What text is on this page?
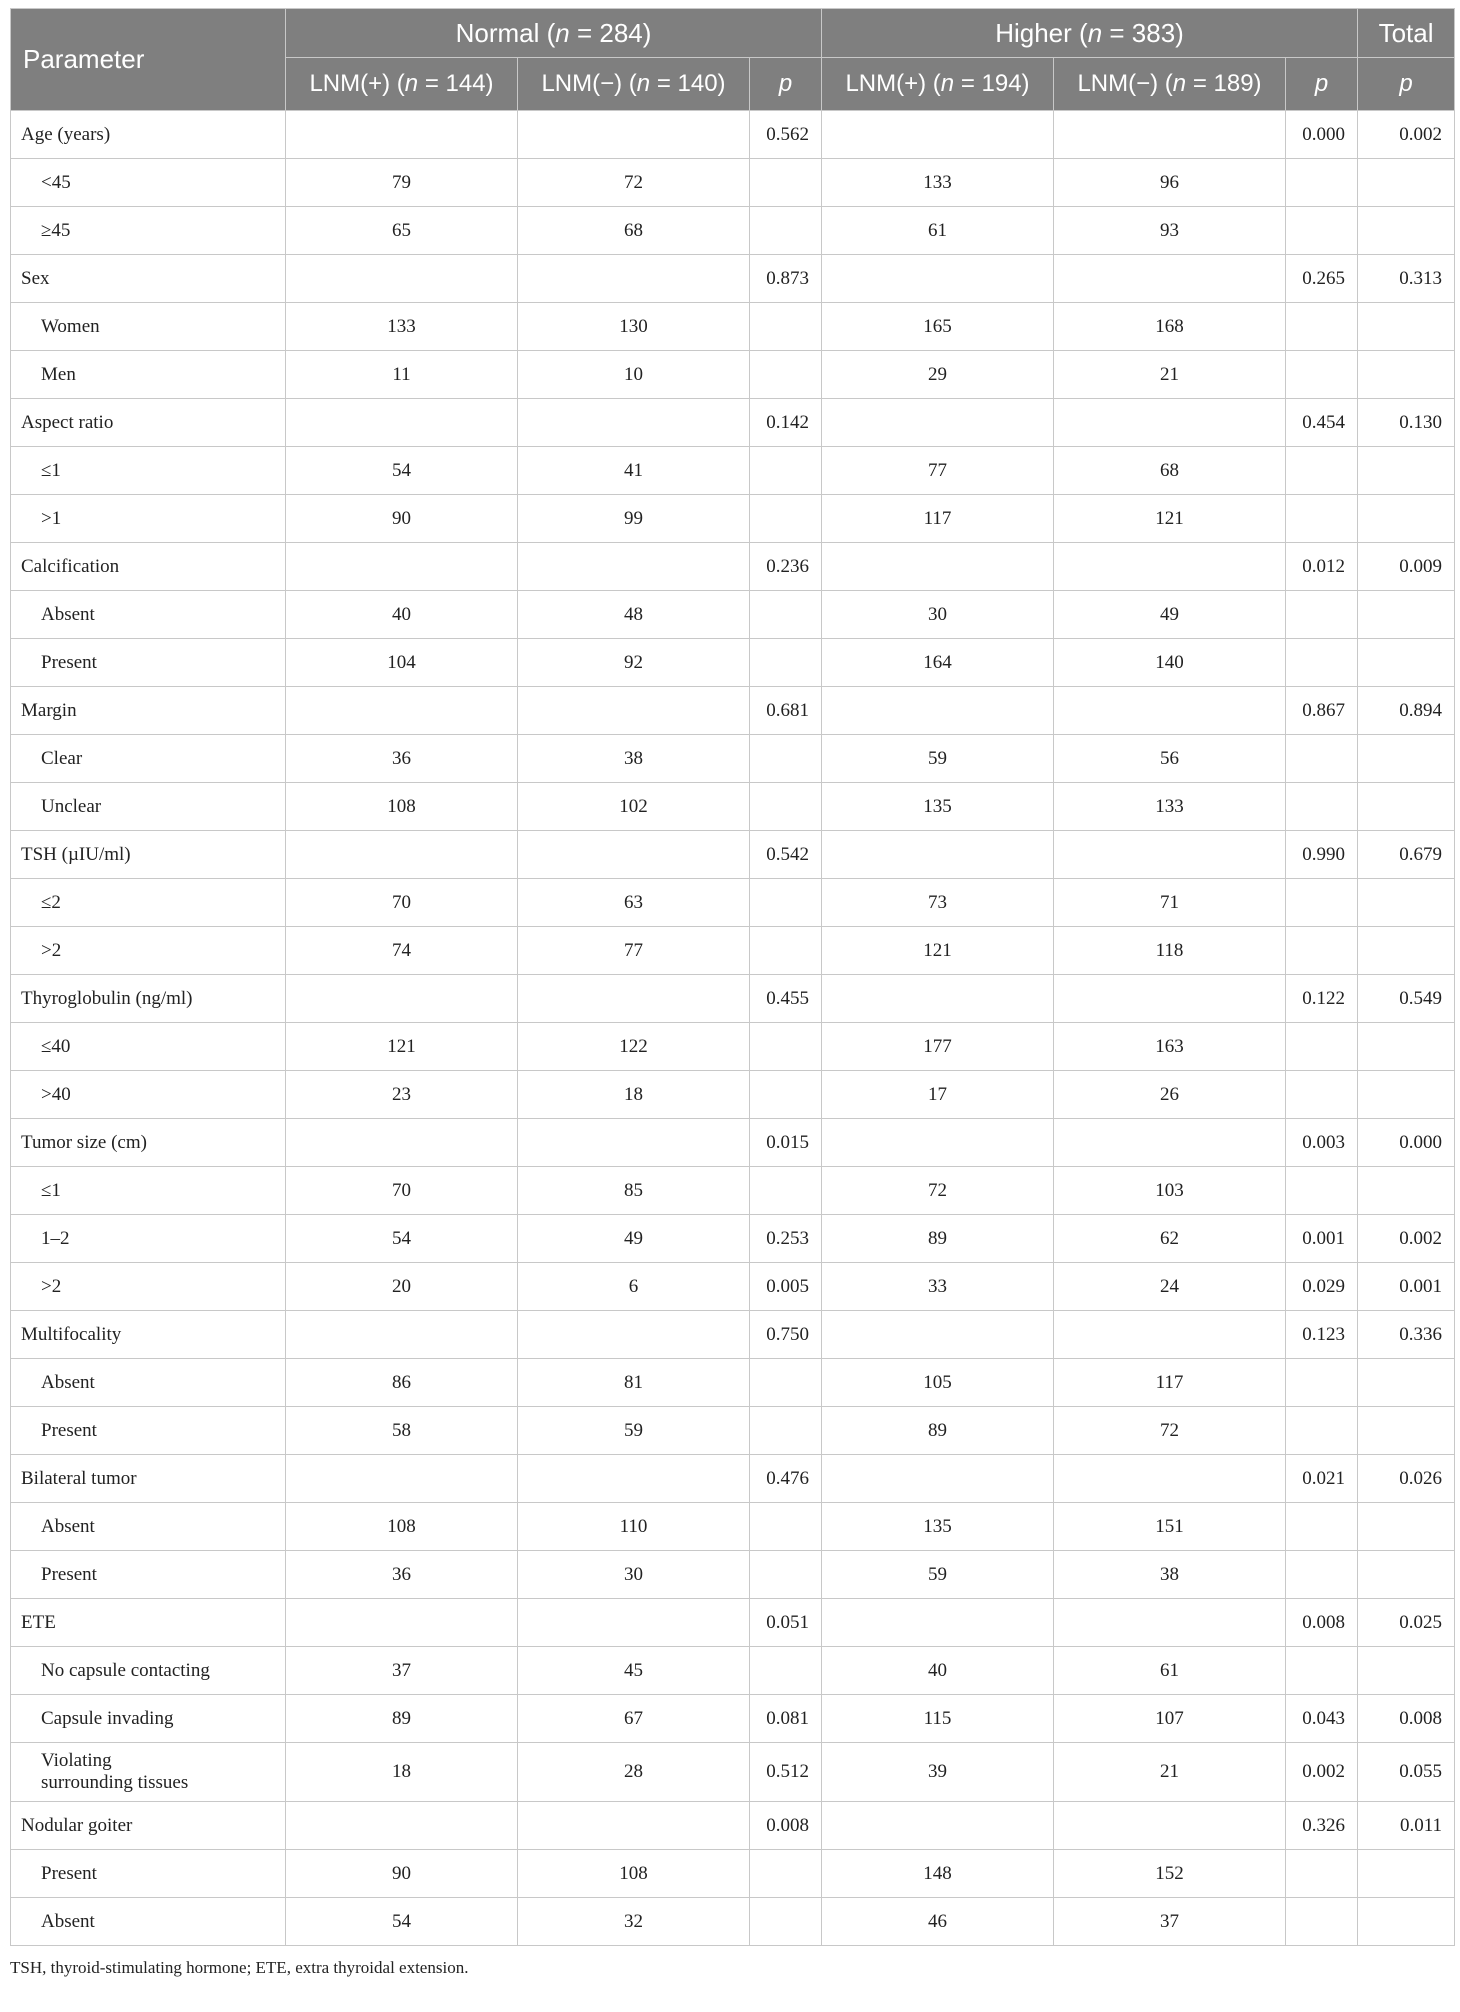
Parameter	Normal (n = 284)			Higher (n = 383)			Total
	LNM(+) (n = 144)	LNM(−) (n = 140)	p	LNM(+) (n = 194)	LNM(−) (n = 189)	p	p
Age (years)			0.562			0.000	0.002
<45	79	72		133	96		
≥45	65	68		61	93		
Sex			0.873			0.265	0.313
Women	133	130		165	168		
Men	11	10		29	21		
Aspect ratio			0.142			0.454	0.130
≤1	54	41		77	68		
>1	90	99		117	121		
Calcification			0.236			0.012	0.009
Absent	40	48		30	49		
Present	104	92		164	140		
Margin			0.681			0.867	0.894
Clear	36	38		59	56		
Unclear	108	102		135	133		
TSH (µIU/ml)			0.542			0.990	0.679
≤2	70	63		73	71		
>2	74	77		121	118		
Thyroglobulin (ng/ml)			0.455			0.122	0.549
≤40	121	122		177	163		
>40	23	18		17	26		
Tumor size (cm)			0.015			0.003	0.000
≤1	70	85		72	103		
1–2	54	49	0.253	89	62	0.001	0.002
>2	20	6	0.005	33	24	0.029	0.001
Multifocality			0.750			0.123	0.336
Absent	86	81		105	117		
Present	58	59		89	72		
Bilateral tumor			0.476			0.021	0.026
Absent	108	110		135	151		
Present	36	30		59	38		
ETE			0.051			0.008	0.025
No capsule contacting	37	45		40	61		
Capsule invading	89	67	0.081	115	107	0.043	0.008
Violating
surrounding tissues	18	28	0.512	39	21	0.002	0.055
Nodular goiter			0.008			0.326	0.011
Present	90	108		148	152		
Absent	54	32		46	37		
TSH, thyroid-stimulating hormone; ETE, extra thyroidal extension.
